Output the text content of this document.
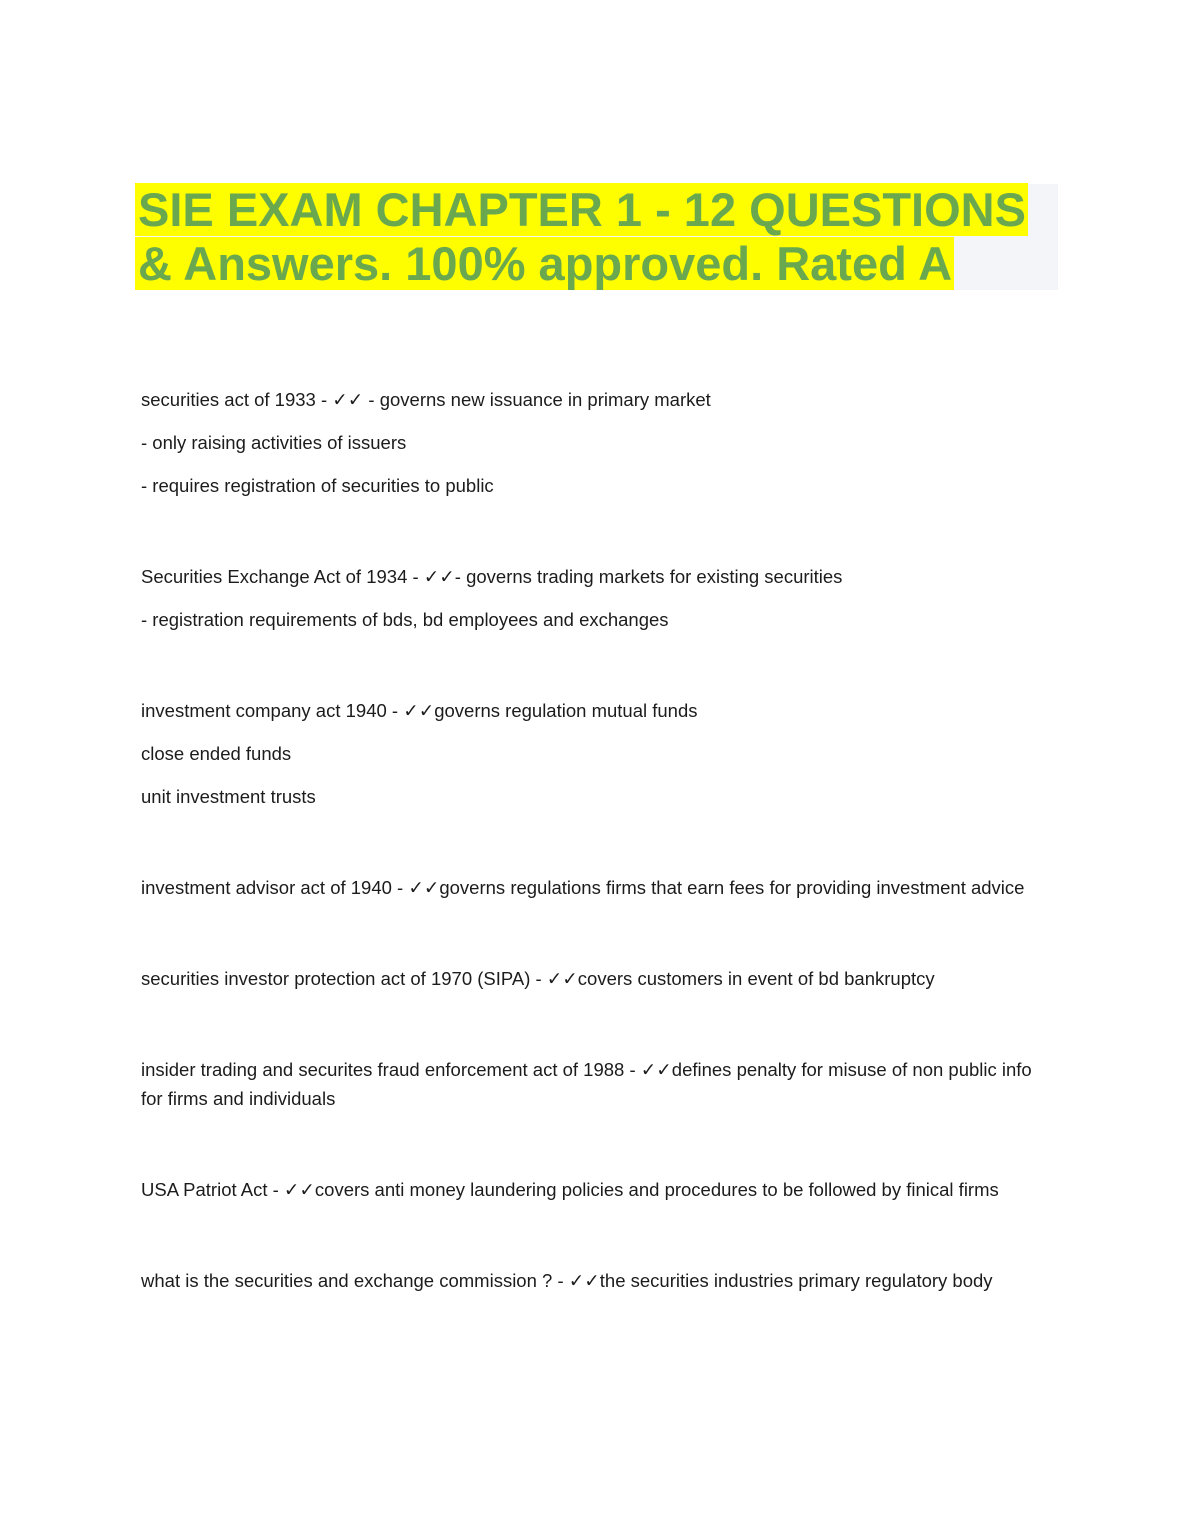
SIE EXAM CHAPTER 1 - 12 QUESTIONS
& Answers. 100% approved. Rated A

securities act of 1933 - ✓✓ - governs new issuance in primary market

- only raising activities of issuers

- requires registration of securities to public

Securities Exchange Act of 1934 - ✓✓- governs trading markets for existing securities

- registration requirements of bds, bd employees and exchanges

investment company act 1940 - ✓✓governs regulation mutual funds

close ended funds

unit investment trusts

investment advisor act of 1940 - ✓✓governs regulations firms that earn fees for providing investment advice

securities investor protection act of 1970 (SIPA) - ✓✓covers customers in event of bd bankruptcy

insider trading and securites fraud enforcement act of 1988 - ✓✓defines penalty for misuse of non public info for firms and individuals

USA Patriot Act - ✓✓covers anti money laundering policies and procedures to be followed by finical firms

what is the securities and exchange commission ? - ✓✓the securities industries primary regulatory body
